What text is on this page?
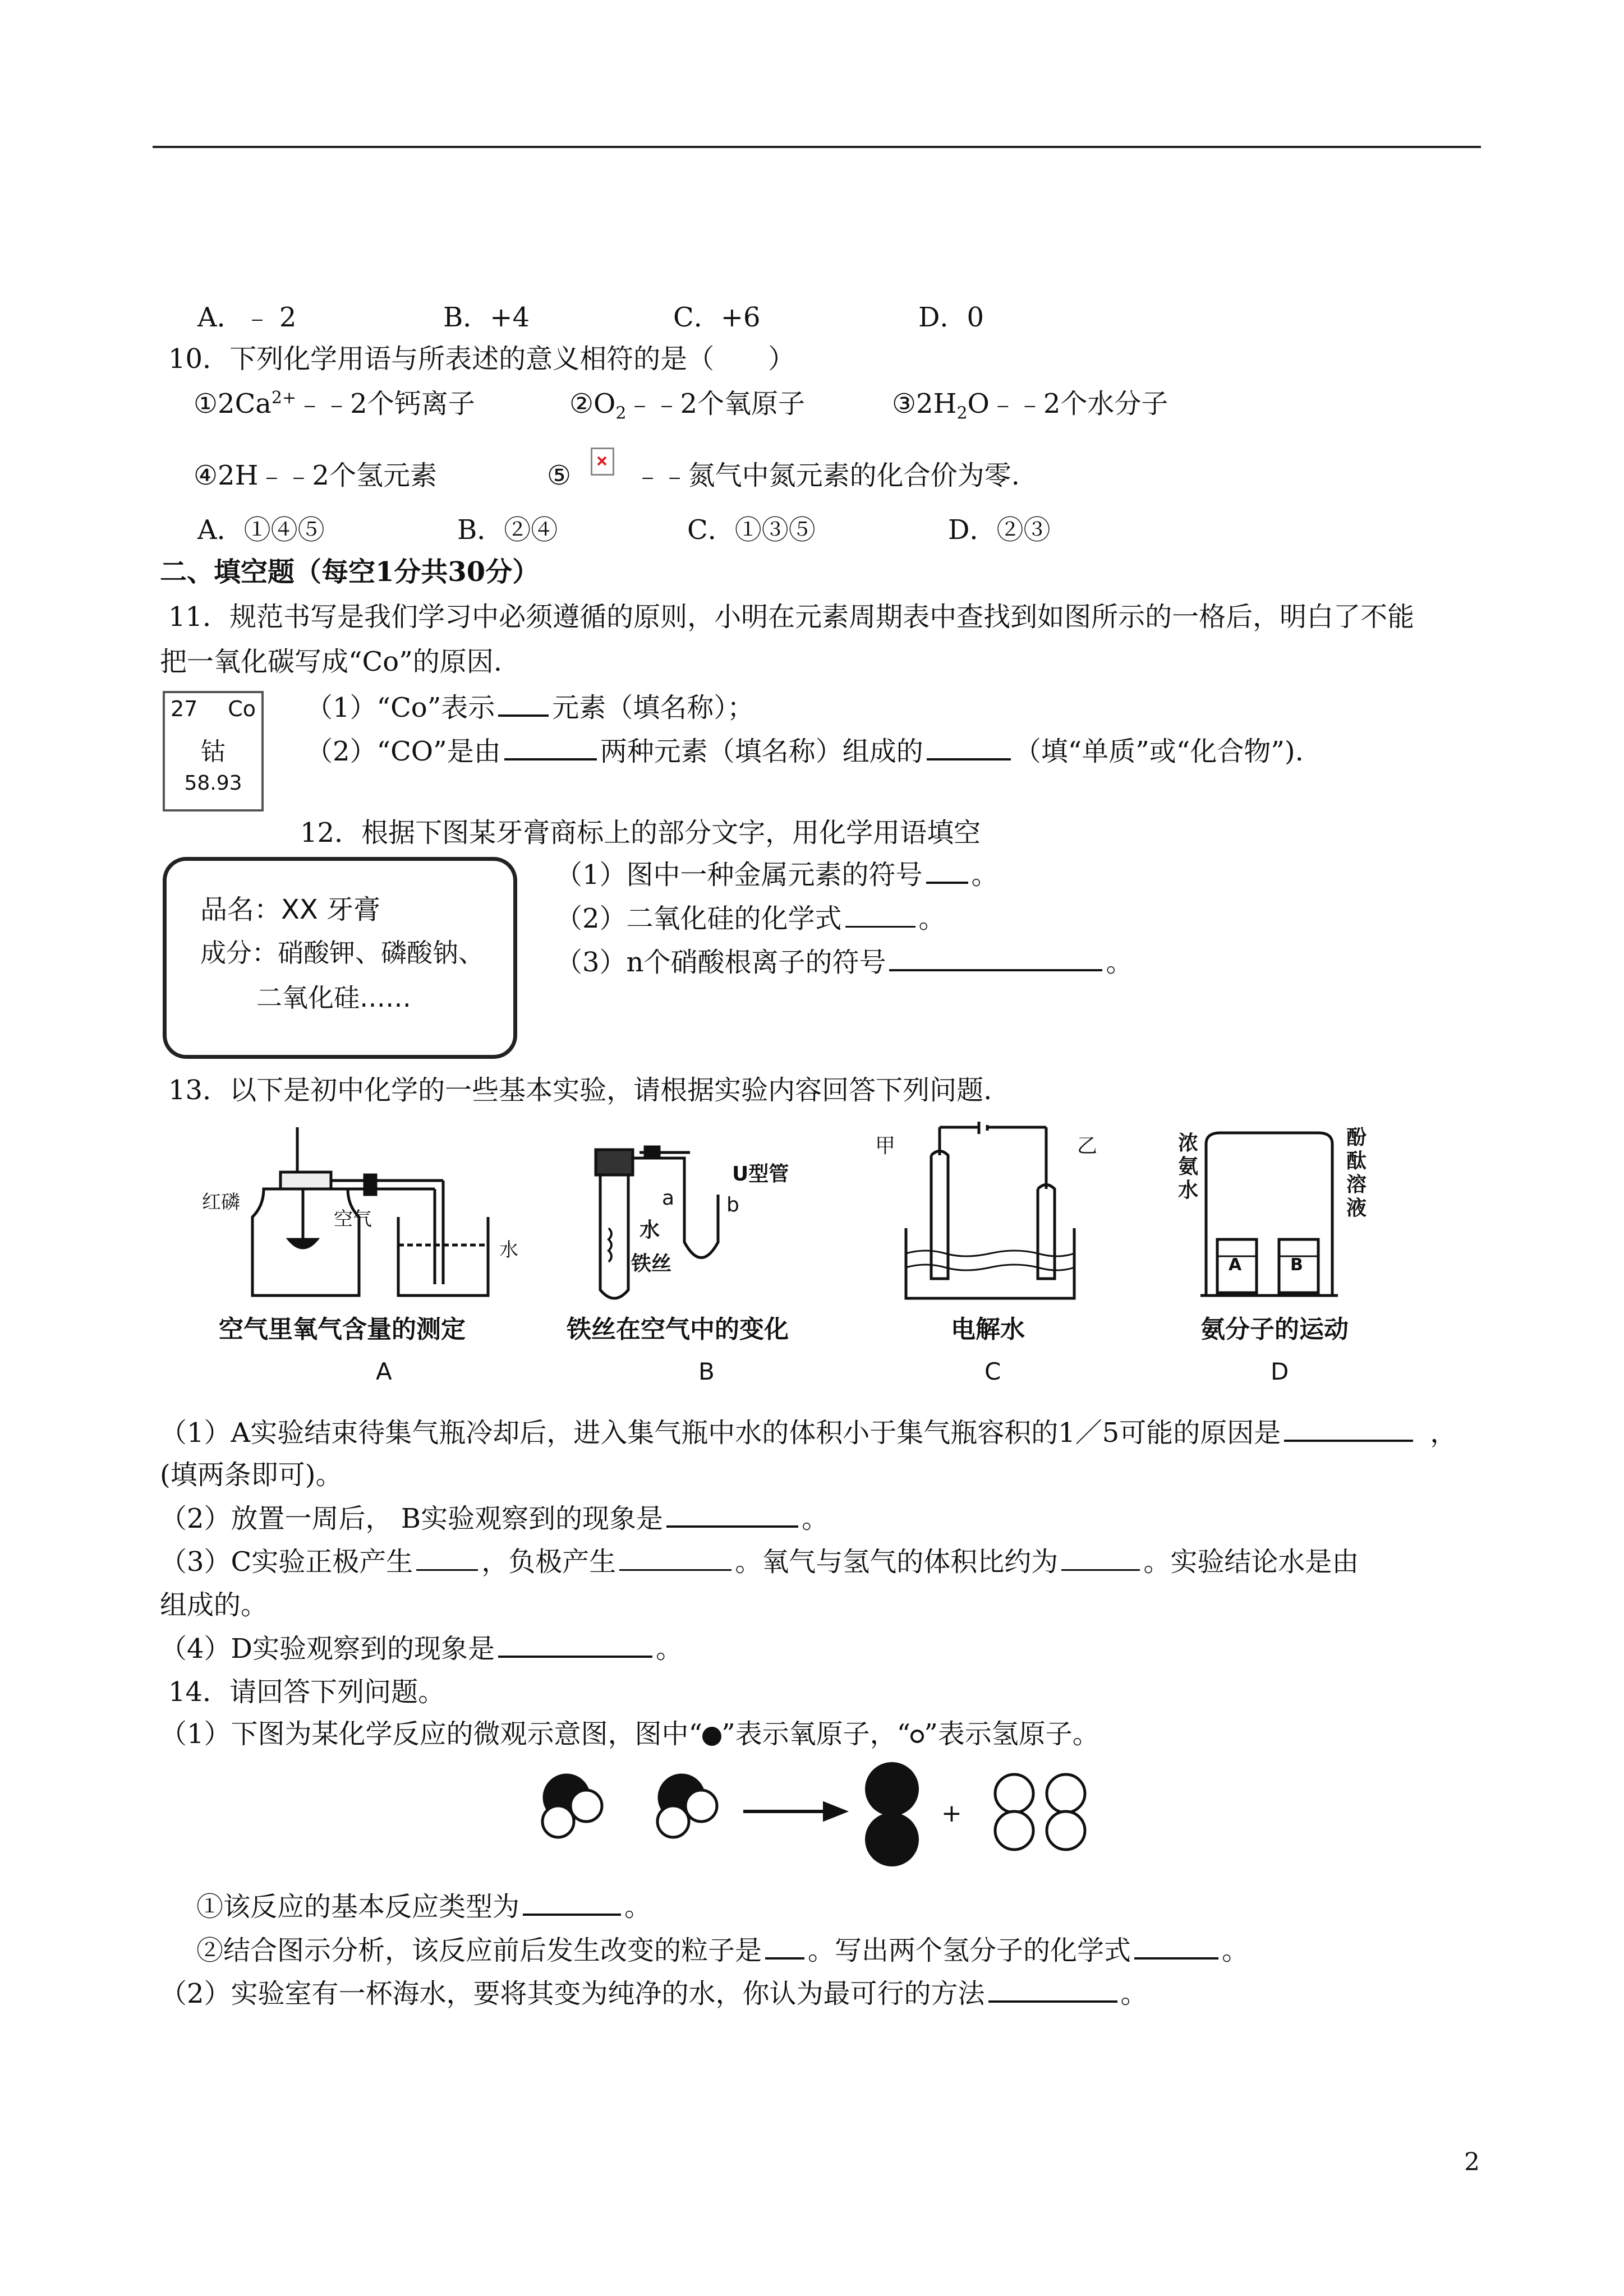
A．﹣ 2	B．+4	C．+6	D．0
10．下列化学用语与所表述的意义相符的是（　　）
$①2Ca^{2+}﹣﹣2$个钙离子	$②O_2﹣﹣2$个氧原子	$③2H_2O﹣﹣2$个水分子
④2H﹣﹣2个氢元素	⑤ ﹣﹣氮气中氮元素的化合价为零.
A．①④⑤	B．②④	C．①③⑤	D．②③
二、填空题（每空1分共30分）
11．规范书写是我们学习中必须遵循的原则，小明在元素周期表中查找到如图所示的一格后，明白了不能
把一氧化碳写成“Co”的原因.
27 Co
钴
58.93
（1）“Co”表示 元素（填名称）；
（2）“CO”是由	两种元素（填名称）组成的	（填“单质”或“化合物”).
12．根据下图某牙膏商标上的部分文字，用化学用语填空
品名：XX 牙膏
成分：硝酸钾、磷酸钠、
二氧化硅……
（1）图中一种金属元素的符号 。
（2）二氧化硅的化学式	。
（3）n个硝酸根离子的符号	。
13．以下是初中化学的一些基本实验，请根据实验内容回答下列问题.
红磷
空气
水
空气里氧气含量的测定
A
a	b
U型管
水
铁丝
铁丝在空气中的变化
B
甲	乙
电解水
C
浓
氨
水
酚
酞
溶
液
A	B
氨分子的运动
D
（1）A实验结束待集气瓶冷却后，进入集气瓶中水的体积小于集气瓶容积的1／5可能的原因是	，
(填两条即可)。
（2）放置一周后， B实验观察到的现象是	。
（3）C实验正极产生	，负极产生	。氧气与氢气的体积比约为	。实验结论水是由
组成的。
（4）D实验观察到的现象是	。
14．请回答下列问题。
（1）下图为某化学反应的微观示意图，图中“ ”表示氧原子，“ ”表示氢原子。
+
①该反应的基本反应类型为	。
②结合图示分析，该反应前后发生改变的粒子是 。写出两个氢分子的化学式	。
（2）实验室有一杯海水，要将其变为纯净的水，你认为最可行的方法	。
2
